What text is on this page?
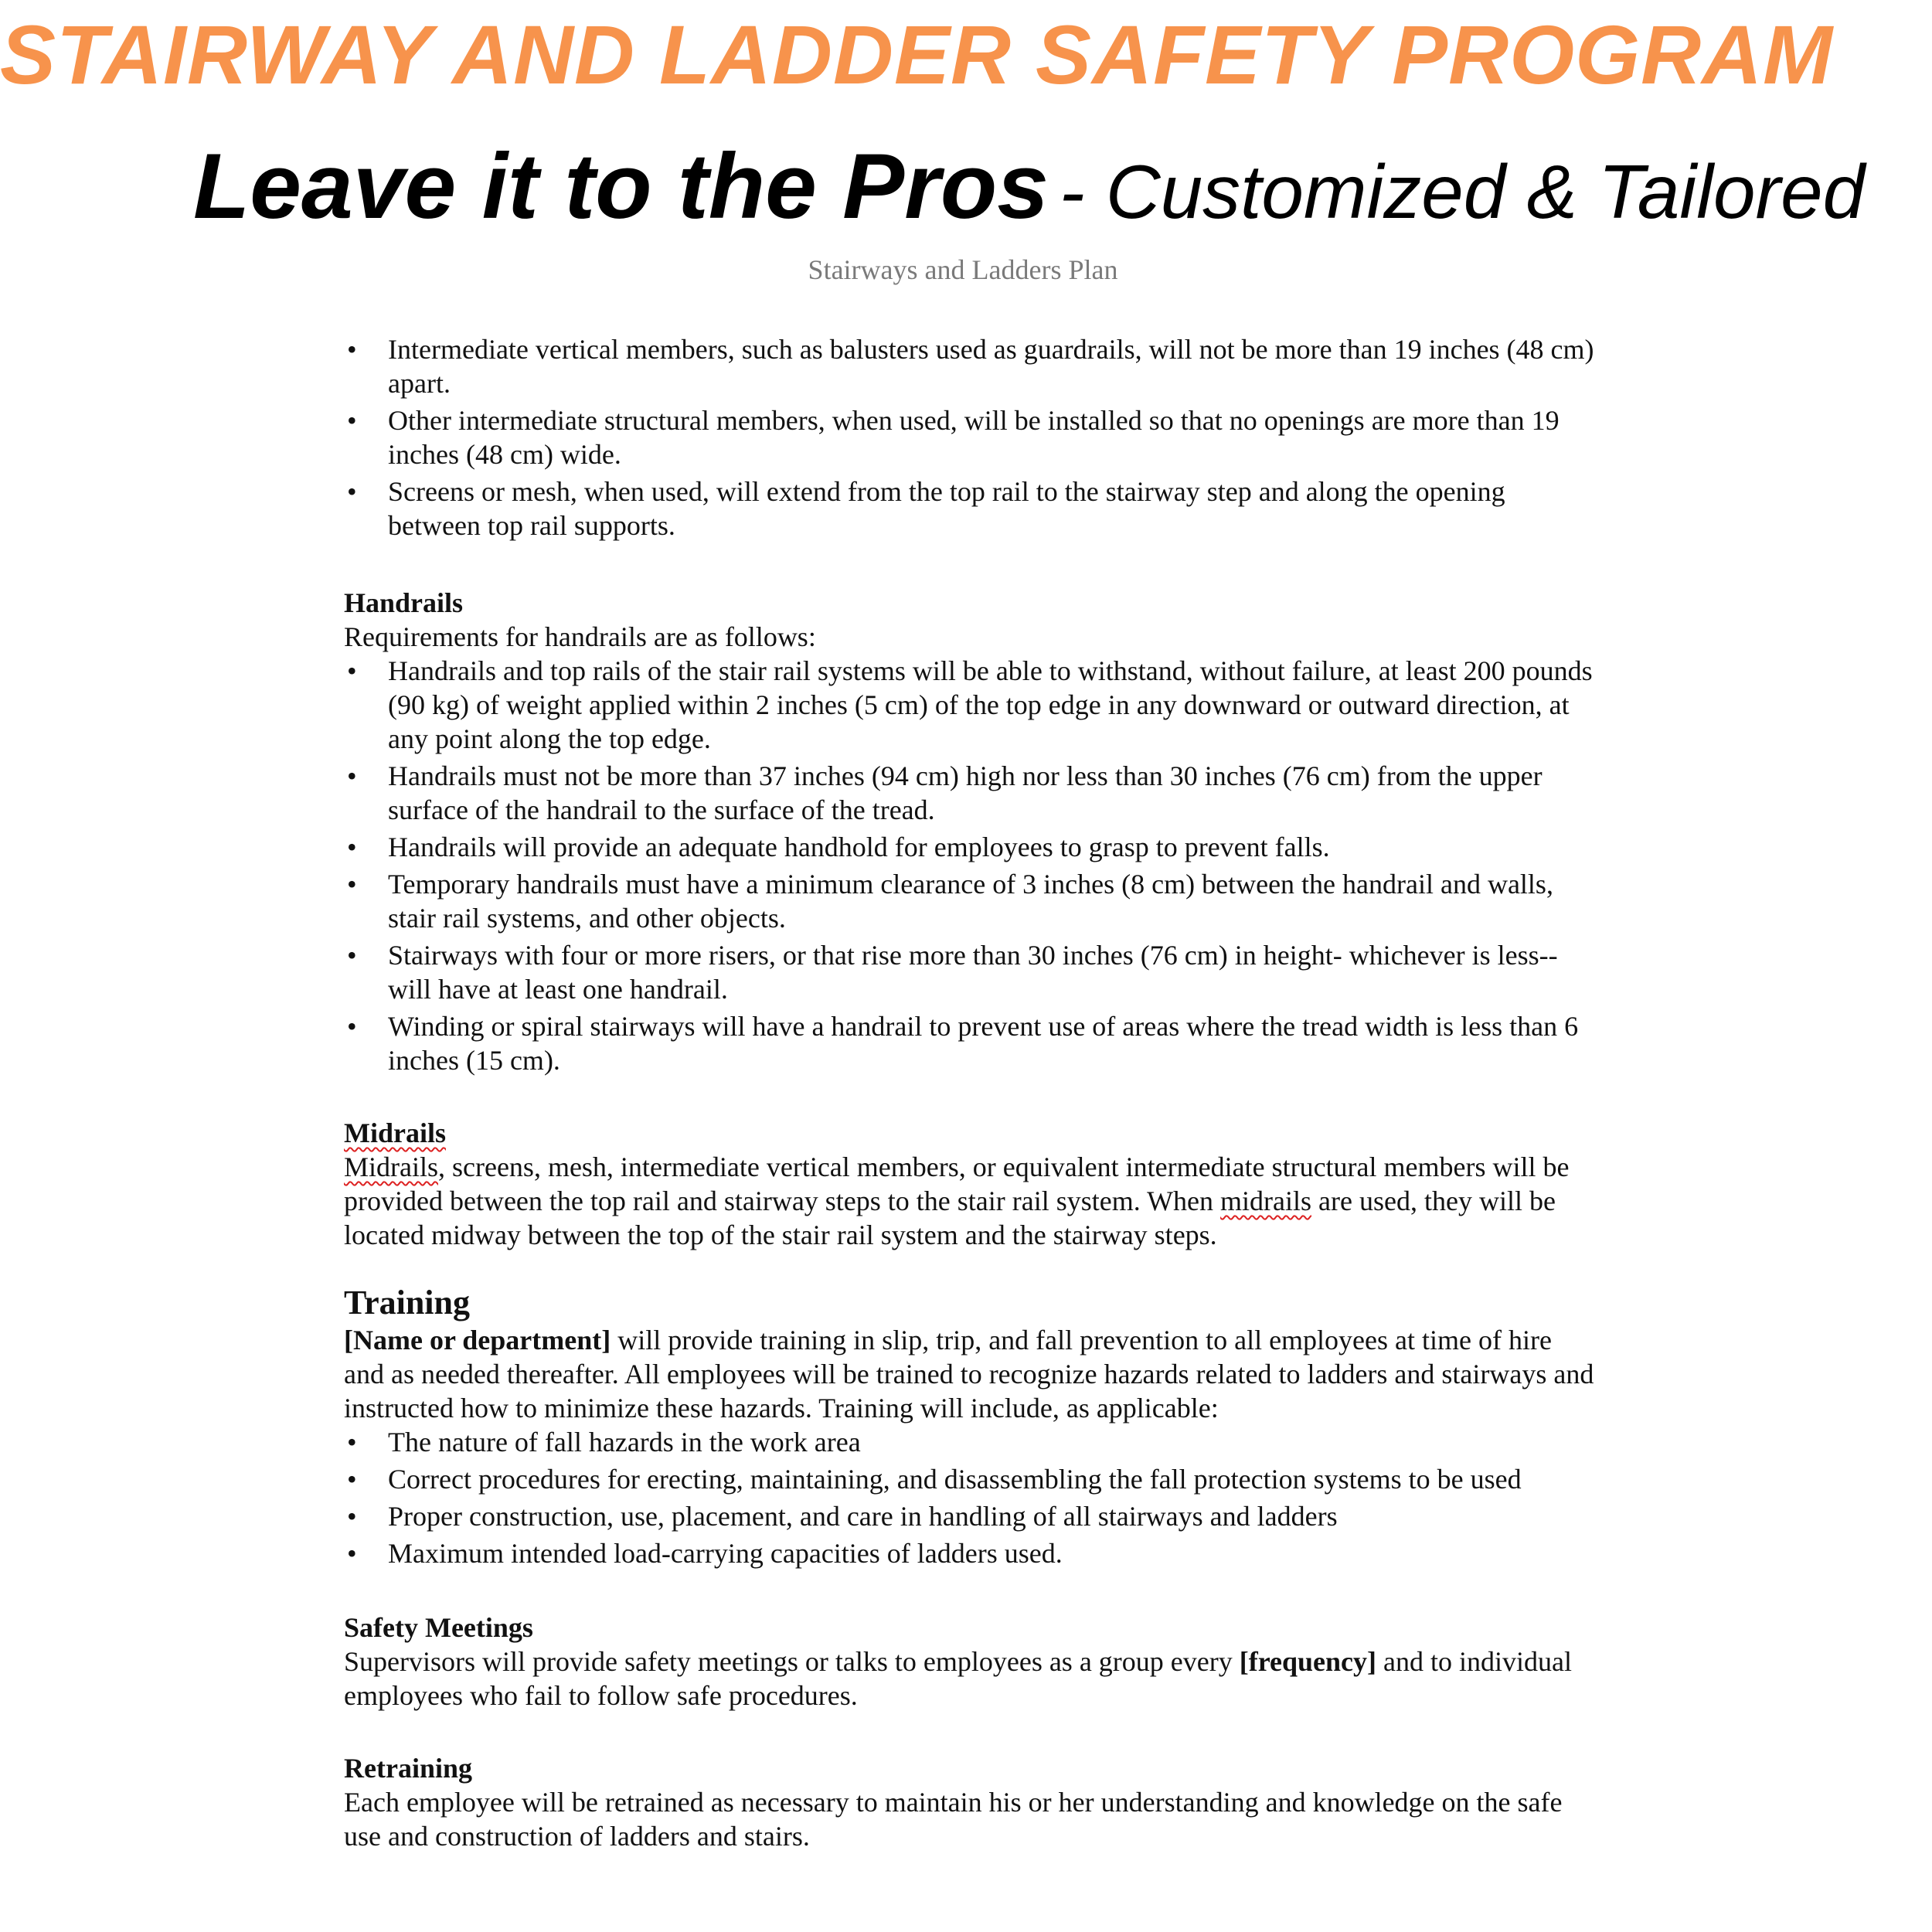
STAIRWAY AND LADDER SAFETY PROGRAM
Leave it to the Pros - Customized & Tailored
Stairways and Ladders Plan
• Intermediate vertical members, such as balusters used as guardrails, will not be more than 19 inches (48 cm) apart.
• Other intermediate structural members, when used, will be installed so that no openings are more than 19 inches (48 cm) wide.
• Screens or mesh, when used, will extend from the top rail to the stairway step and along the opening between top rail supports.
Handrails

Requirements for handrails are as follows:

• Handrails and top rails of the stair rail systems will be able to withstand, without failure, at least 200 pounds (90 kg) of weight applied within 2 inches (5 cm) of the top edge in any downward or outward direction, at any point along the top edge.
• Handrails must not be more than 37 inches (94 cm) high nor less than 30 inches (76 cm) from the upper surface of the handrail to the surface of the tread.
• Handrails will provide an adequate handhold for employees to grasp to prevent falls.
• Temporary handrails must have a minimum clearance of 3 inches (8 cm) between the handrail and walls, stair rail systems, and other objects.
• Stairways with four or more risers, or that rise more than 30 inches (76 cm) in height- whichever is less-- will have at least one handrail.
• Winding or spiral stairways will have a handrail to prevent use of areas where the tread width is less than 6 inches (15 cm).
Midrails

Midrails, screens, mesh, intermediate vertical members, or equivalent intermediate structural members will be provided between the top rail and stairway steps to the stair rail system. When midrails are used, they will be located midway between the top of the stair rail system and the stairway steps.

Training

[Name or department] will provide training in slip, trip, and fall prevention to all employees at time of hire and as needed thereafter. All employees will be trained to recognize hazards related to ladders and stairways and instructed how to minimize these hazards. Training will include, as applicable:

• The nature of fall hazards in the work area
• Correct procedures for erecting, maintaining, and disassembling the fall protection systems to be used
• Proper construction, use, placement, and care in handling of all stairways and ladders
• Maximum intended load-carrying capacities of ladders used.
Safety Meetings

Supervisors will provide safety meetings or talks to employees as a group every [frequency] and to individual employees who fail to follow safe procedures.

Retraining

Each employee will be retrained as necessary to maintain his or her understanding and knowledge on the safe use and construction of ladders and stairs.
